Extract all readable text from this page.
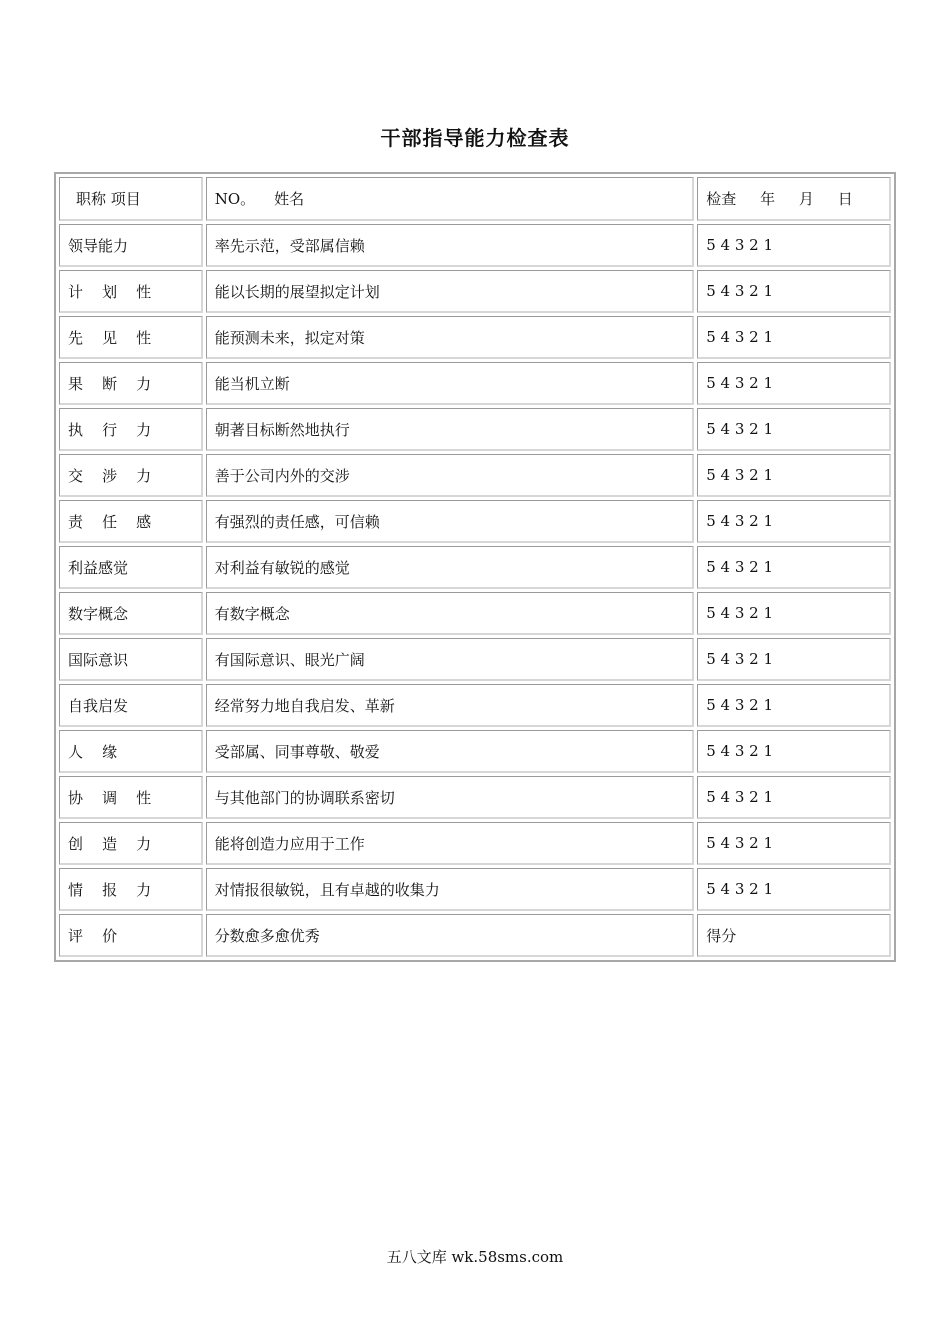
干部指导能力检查表
职称 项目	NO。    姓名	检查     年     月     日
领导能力	率先示范，受部属信赖	5 4 3 2 1
计    划    性	能以长期的展望拟定计划	5 4 3 2 1
先    见    性	能预测未来，拟定对策	5 4 3 2 1
果    断    力	能当机立断	5 4 3 2 1
执    行    力	朝著目标断然地执行	5 4 3 2 1
交    涉    力	善于公司内外的交涉	5 4 3 2 1
责    任    感	有强烈的责任感，可信赖	5 4 3 2 1
利益感觉	对利益有敏锐的感觉	5 4 3 2 1
数字概念	有数字概念	5 4 3 2 1
国际意识	有国际意识、眼光广阔	5 4 3 2 1
自我启发	经常努力地自我启发、革新	5 4 3 2 1
人    缘	受部属、同事尊敬、敬爱	5 4 3 2 1
协    调    性	与其他部门的协调联系密切	5 4 3 2 1
创    造    力	能将创造力应用于工作	5 4 3 2 1
情    报    力	对情报很敏锐，且有卓越的收集力	5 4 3 2 1
评    价	分数愈多愈优秀	得分
五八文库 wk.58sms.com
